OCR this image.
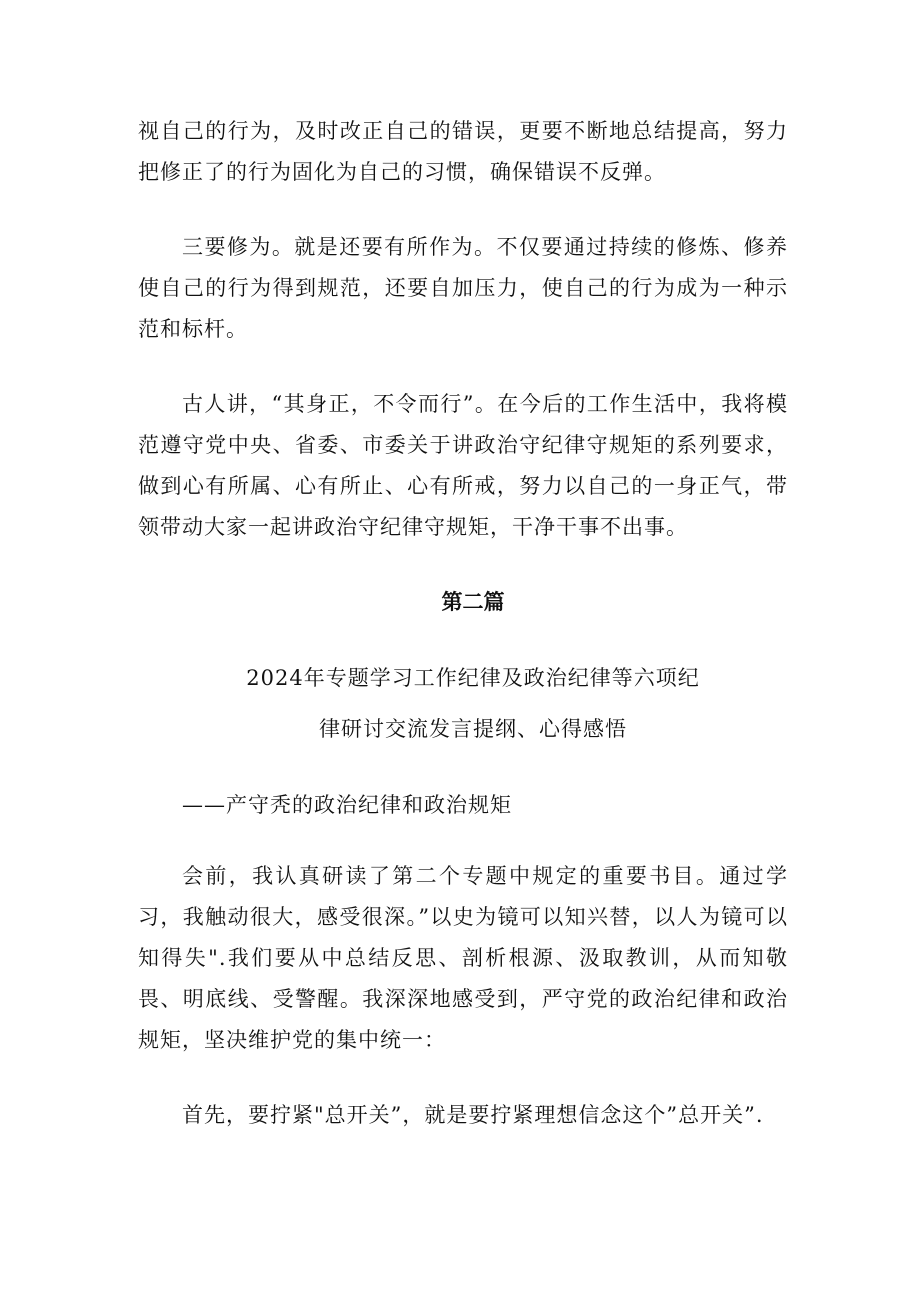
视自己的行为，及时改正自己的错误，更要不断地总结提高，努力把修正了的行为固化为自己的习惯，确保错误不反弹。

三要修为。就是还要有所作为。不仅要通过持续的修炼、修养使自己的行为得到规范，还要自加压力，使自己的行为成为一种示范和标杆。

古人讲，“其身正，不令而行”。在今后的工作生活中，我将模范遵守党中央、省委、市委关于讲政治守纪律守规矩的系列要求，做到心有所属、心有所止、心有所戒，努力以自己的一身正气，带领带动大家一起讲政治守纪律守规矩，干净干事不出事。

第二篇

2024年专题学习工作纪律及政治纪律等六项纪

律研讨交流发言提纲、心得感悟

——产守秃的政治纪律和政治规矩

会前，我认真研读了第二个专题中规定的重要书目。通过学习，我触动很大，感受很深。”以史为镜可以知兴替，以人为镜可以知得失".我们要从中总结反思、剖析根源、汲取教训，从而知敬畏、明底线、受警醒。我深深地感受到，严守党的政治纪律和政治规矩，坚决维护党的集中统一：

首先，要拧紧"总开关”，就是要拧紧理想信念这个”总开关”.
